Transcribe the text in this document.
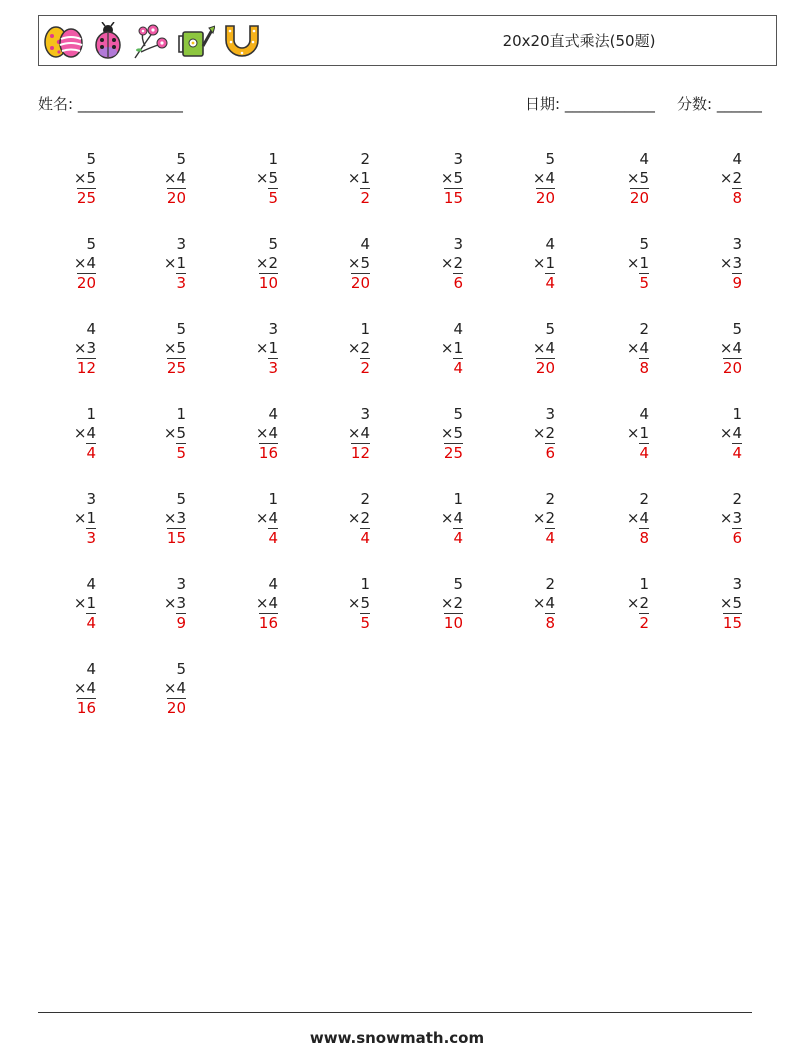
20x20直式乘法(50题)
姓名: ______________	日期: ____________ 分数: ______
5
×5
25
5
×4
20
1
×5
5
2
×1
2
3
×5
15
5
×4
20
4
×5
20
4
×2
8
5
×4
20
3
×1
3
5
×2
10
4
×5
20
3
×2
6
4
×1
4
5
×1
5
3
×3
9
4
×3
12
5
×5
25
3
×1
3
1
×2
2
4
×1
4
5
×4
20
2
×4
8
5
×4
20
1
×4
4
1
×5
5
4
×4
16
3
×4
12
5
×5
25
3
×2
6
4
×1
4
1
×4
4
3
×1
3
5
×3
15
1
×4
4
2
×2
4
1
×4
4
2
×2
4
2
×4
8
2
×3
6
4
×1
4
3
×3
9
4
×4
16
1
×5
5
5
×2
10
2
×4
8
1
×2
2
3
×5
15
4
×4
16
5
×4
20
www.snowmath.com
